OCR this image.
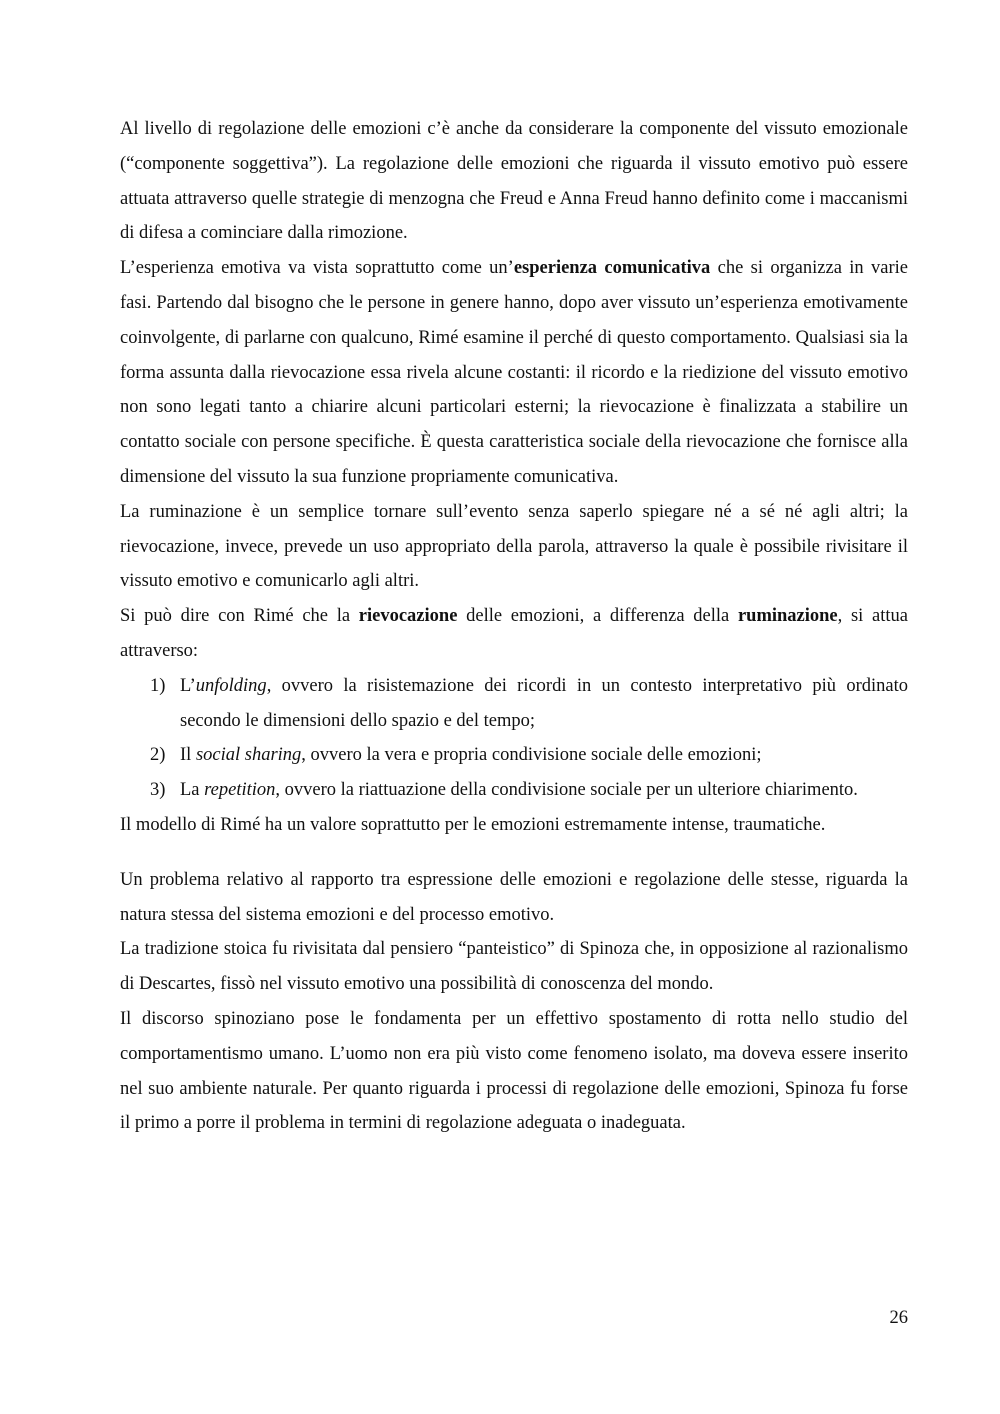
Al livello di regolazione delle emozioni c’è anche da considerare la componente del vissuto emozionale (“componente soggettiva”). La regolazione delle emozioni che riguarda il vissuto emotivo può essere attuata attraverso quelle strategie di menzogna che Freud e Anna Freud hanno definito come i maccanismi di difesa a cominciare dalla rimozione.

L’esperienza emotiva va vista soprattutto come un’esperienza comunicativa che si organizza in varie fasi. Partendo dal bisogno che le persone in genere hanno, dopo aver vissuto un’esperienza emotivamente coinvolgente, di parlarne con qualcuno, Rimé esamine il perché di questo comportamento. Qualsiasi sia la forma assunta dalla rievocazione essa rivela alcune costanti: il ricordo e la riedizione del vissuto emotivo non sono legati tanto a chiarire alcuni particolari esterni; la rievocazione è finalizzata a stabilire un contatto sociale con persone specifiche. È questa caratteristica sociale della rievocazione che fornisce alla dimensione del vissuto la sua funzione propriamente comunicativa.

La ruminazione è un semplice tornare sull’evento senza saperlo spiegare né a sé né agli altri; la rievocazione, invece, prevede un uso appropriato della parola, attraverso la quale è possibile rivisitare il vissuto emotivo e comunicarlo agli altri.

Si può dire con Rimé che la rievocazione delle emozioni, a differenza della ruminazione, si attua attraverso:

1. 1) L’unfolding, ovvero la risistemazione dei ricordi in un contesto interpretativo più ordinato secondo le dimensioni dello spazio e del tempo;
2. 2) Il social sharing, ovvero la vera e propria condivisione sociale delle emozioni;
3. 3) La repetition, ovvero la riattuazione della condivisione sociale per un ulteriore chiarimento.

Il modello di Rimé ha un valore soprattutto per le emozioni estremamente intense, traumatiche.

Un problema relativo al rapporto tra espressione delle emozioni e regolazione delle stesse, riguarda la natura stessa del sistema emozioni e del processo emotivo.

La tradizione stoica fu rivisitata dal pensiero “panteistico” di Spinoza che, in opposizione al razionalismo di Descartes, fissò nel vissuto emotivo una possibilità di conoscenza del mondo.

Il discorso spinoziano pose le fondamenta per un effettivo spostamento di rotta nello studio del comportamentismo umano. L’uomo non era più visto come fenomeno isolato, ma doveva essere inserito nel suo ambiente naturale. Per quanto riguarda i processi di regolazione delle emozioni, Spinoza fu forse il primo a porre il problema in termini di regolazione adeguata o inadeguata.

26
